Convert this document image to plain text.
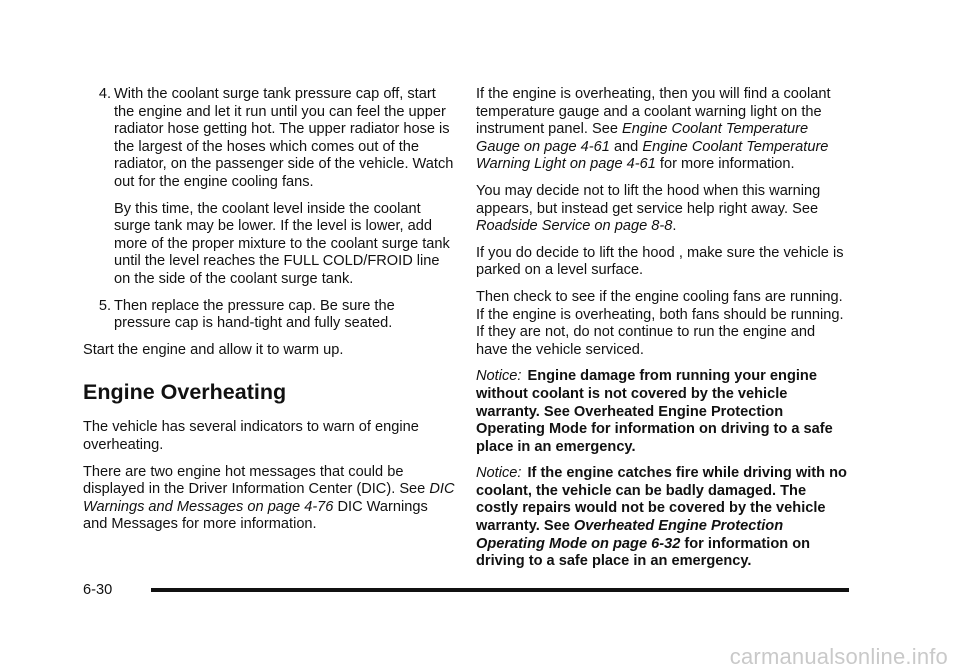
4. With the coolant surge tank pressure cap off, start the engine and let it run until you can feel the upper radiator hose getting hot. The upper radiator hose is the largest of the hoses which comes out of the radiator, on the passenger side of the vehicle. Watch out for the engine cooling fans.
By this time, the coolant level inside the coolant surge tank may be lower. If the level is lower, add more of the proper mixture to the coolant surge tank until the level reaches the FULL COLD/FROID line on the side of the coolant surge tank.
5. Then replace the pressure cap. Be sure the pressure cap is hand-tight and fully seated.

Start the engine and allow it to warm up.

Engine Overheating

The vehicle has several indicators to warn of engine overheating.

There are two engine hot messages that could be displayed in the Driver Information Center (DIC). See DIC Warnings and Messages on page 4-76 DIC Warnings and Messages for more information.

If the engine is overheating, then you will find a coolant temperature gauge and a coolant warning light on the instrument panel. See Engine Coolant Temperature Gauge on page 4-61 and Engine Coolant Temperature Warning Light on page 4-61 for more information.

You may decide not to lift the hood when this warning appears, but instead get service help right away. See Roadside Service on page 8-8.

If you do decide to lift the hood , make sure the vehicle is parked on a level surface.

Then check to see if the engine cooling fans are running. If the engine is overheating, both fans should be running. If they are not, do not continue to run the engine and have the vehicle serviced.

Notice: Engine damage from running your engine without coolant is not covered by the vehicle warranty. See Overheated Engine Protection Operating Mode for information on driving to a safe place in an emergency.

Notice: If the engine catches fire while driving with no coolant, the vehicle can be badly damaged. The costly repairs would not be covered by the vehicle warranty. See Overheated Engine Protection Operating Mode on page 6-32 for information on driving to a safe place in an emergency.

6-30
carmanualsonline.info
